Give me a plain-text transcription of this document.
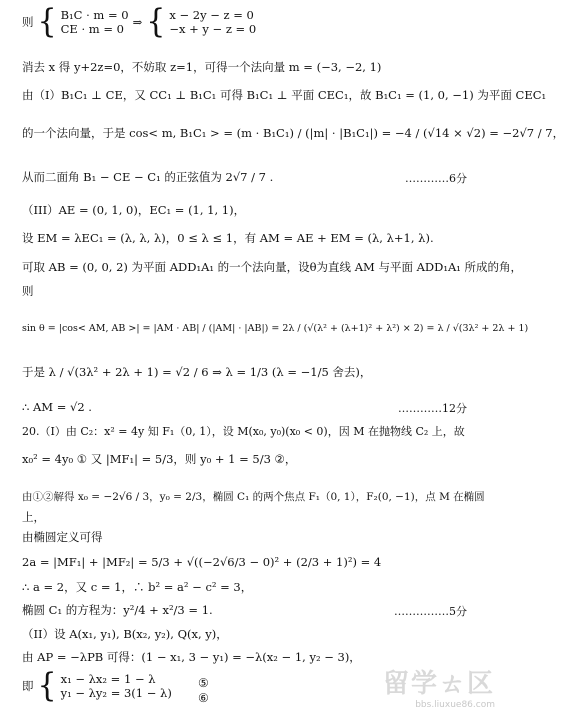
则 { B₁C · m = 0
CE · m = 0 ⇒ { x − 2y − z = 0
−x + y − z = 0
消去 x 得 y+2z=0，不妨取 z=1，可得一个法向量 m = (−3, −2, 1)
由（I）B₁C₁ ⊥ CE，又 CC₁ ⊥ B₁C₁ 可得 B₁C₁ ⊥ 平面 CEC₁，故 B₁C₁ = (1, 0, −1) 为平面 CEC₁
的一个法向量，于是 cos< m, B₁C₁ > = (m · B₁C₁) / (|m| · |B₁C₁|) = −4 / (√14 × √2) = −2√7 / 7，
从而二面角 B₁ − CE − C₁ 的正弦值为 2√7 / 7 .	…………6分
（III）AE = (0, 1, 0)，EC₁ = (1, 1, 1)，
设 EM = λEC₁ = (λ, λ, λ)，0 ≤ λ ≤ 1，有 AM = AE + EM = (λ, λ+1, λ).
可取 AB = (0, 0, 2) 为平面 ADD₁A₁ 的一个法向量，设θ为直线 AM 与平面 ADD₁A₁ 所成的角，
则
sin θ = |cos< AM, AB >| = |AM · AB| / (|AM| · |AB|) = 2λ / (√(λ² + (λ+1)² + λ²) × 2) = λ / √(3λ² + 2λ + 1)
于是 λ / √(3λ² + 2λ + 1) = √2 / 6 ⇒ λ = 1/3 (λ = −1/5 舍去)，
∴ AM = √2 .	…………12分
20.（I）由 C₂：x² = 4y 知 F₁（0, 1），设 M(x₀, y₀)(x₀ < 0)，因 M 在抛物线 C₂ 上，故
x₀² = 4y₀ ① 又 |MF₁| = 5/3，则 y₀ + 1 = 5/3 ②，
由①②解得 x₀ = −2√6 / 3，y₀ = 2/3，椭圆 C₁ 的两个焦点 F₁（0, 1），F₂(0, −1)，点 M 在椭圆
上，
由椭圆定义可得
2a = |MF₁| + |MF₂| = 5/3 + √((−2√6/3 − 0)² + (2/3 + 1)²) = 4
∴ a = 2，又 c = 1，∴ b² = a² − c² = 3，
椭圆 C₁ 的方程为：y²/4 + x²/3 = 1.	……………5分
（II）设 A(x₁, y₁), B(x₂, y₂), Q(x, y)，
由 AP = −λPB 可得：(1 − x₁, 3 − y₁) = −λ(x₂ − 1, y₂ − 3)，
即 { x₁ − λx₂ = 1 − λ
y₁ − λy₂ = 3(1 − λ)
⑤
⑥	留学ㄊ区
bbs.liuxue86.com
